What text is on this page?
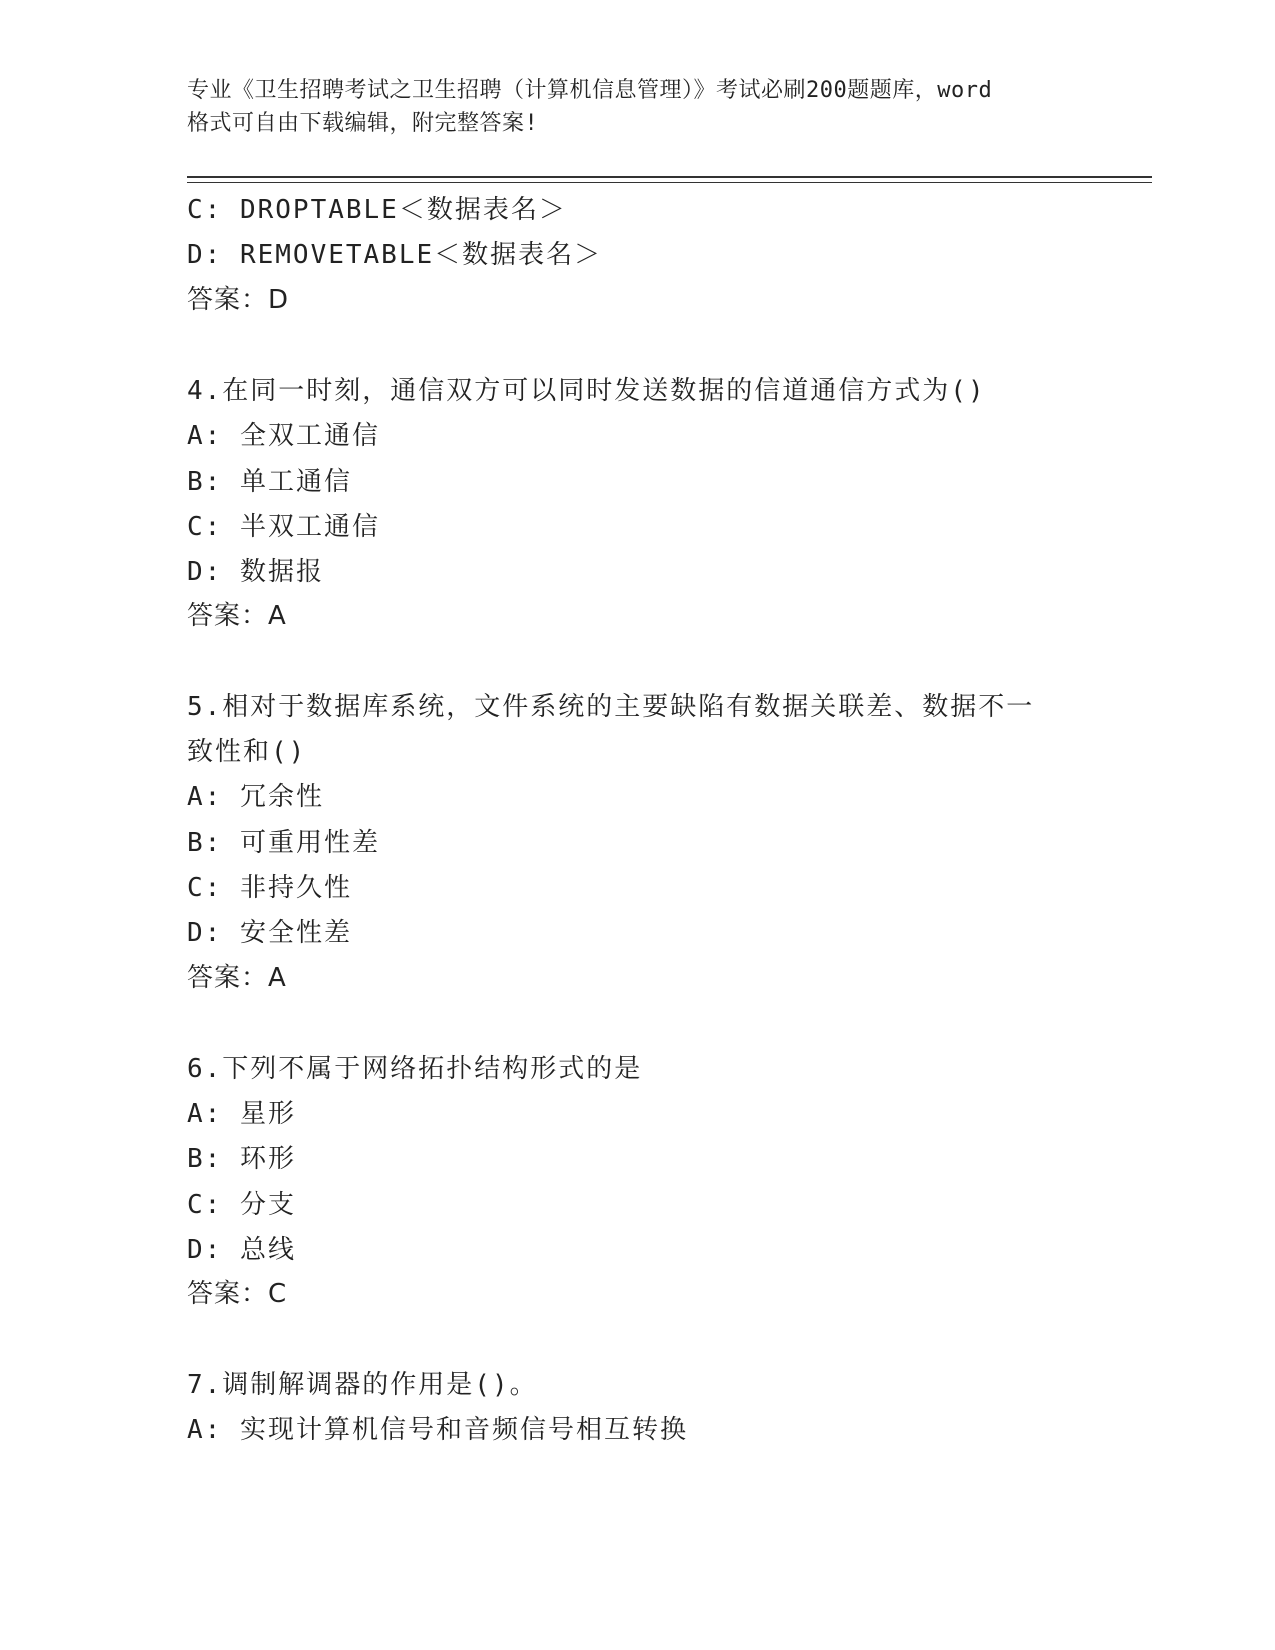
专业《卫生招聘考试之卫生招聘（计算机信息管理）》考试必刷200题题库，word
格式可自由下载编辑，附完整答案!
C: DROPTABLE＜数据表名＞
D: REMOVETABLE＜数据表名＞
答案：D
4.在同一时刻，通信双方可以同时发送数据的信道通信方式为()
A: 全双工通信
B: 单工通信
C: 半双工通信
D: 数据报
答案：A
5.相对于数据库系统，文件系统的主要缺陷有数据关联差、数据不一
致性和()
A: 冗余性
B: 可重用性差
C: 非持久性
D: 安全性差
答案：A
6.下列不属于网络拓扑结构形式的是
A: 星形
B: 环形
C: 分支
D: 总线
答案：C
7.调制解调器的作用是()。
A: 实现计算机信号和音频信号相互转换
